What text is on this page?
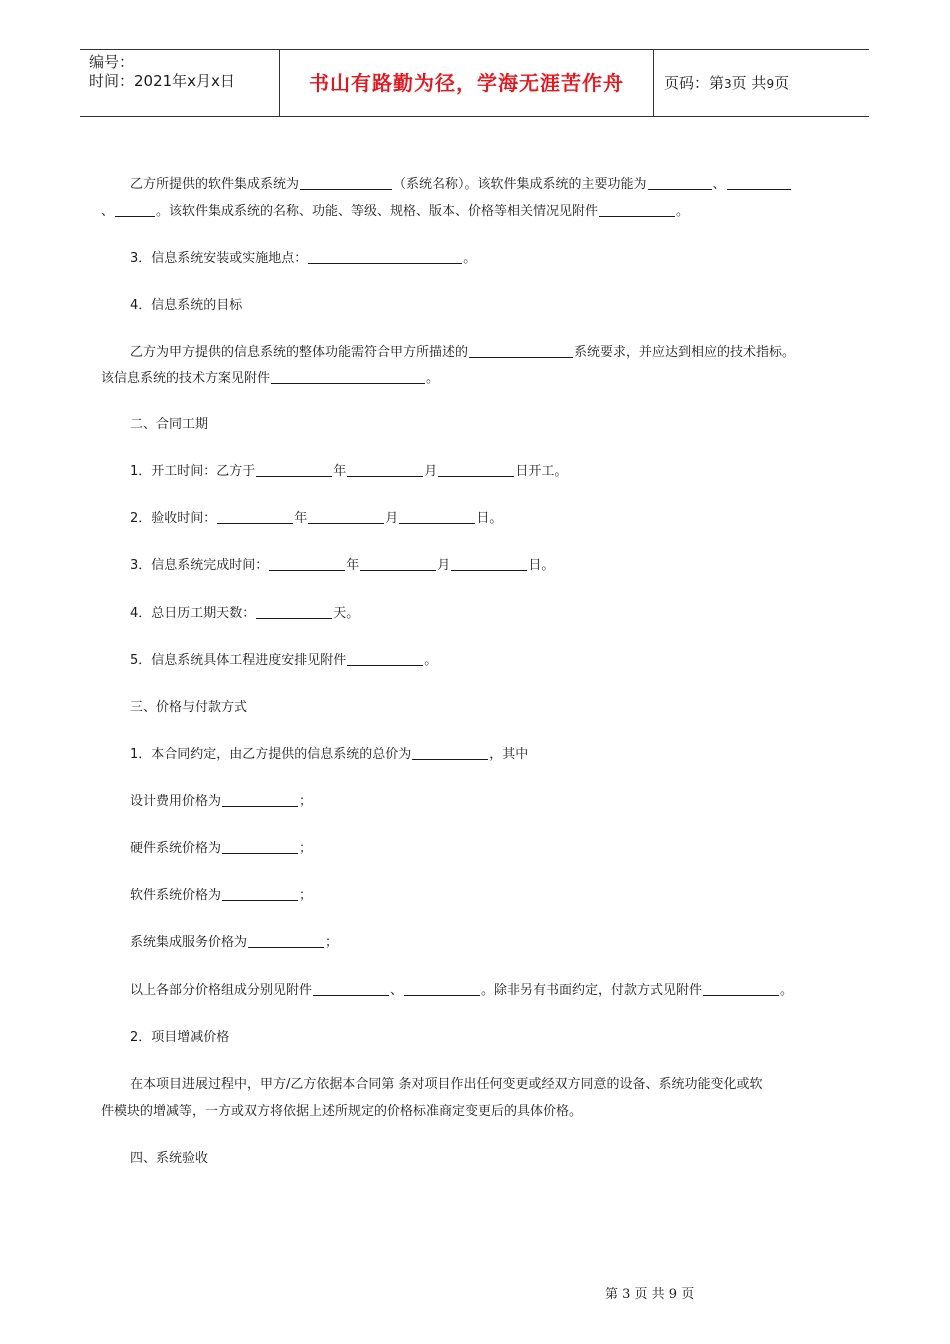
编号：
时间：2021年x月x日	书山有路勤为径，学海无涯苦作舟	页码：第3页 共9页
乙方所提供的软件集成系统为	（系统名称）。该软件集成系统的主要功能为	、
、	。该软件集成系统的名称、功能、等级、规格、版本、价格等相关情况见附件	。
3．信息系统安装或实施地点：	。
4．信息系统的目标
乙方为甲方提供的信息系统的整体功能需符合甲方所描述的	系统要求，并应达到相应的技术指标。
该信息系统的技术方案见附件	。
二、合同工期
1．开工时间：乙方于	年	月	日开工。
2．验收时间：	年	月	日。
3．信息系统完成时间：	年	月	日。
4．总日历工期天数：	天。
5．信息系统具体工程进度安排见附件	。
三、价格与付款方式
1．本合同约定，由乙方提供的信息系统的总价为	，其中
设计费用价格为	；
硬件系统价格为	；
软件系统价格为	；
系统集成服务价格为	；
以上各部分价格组成分别见附件	、	。除非另有书面约定，付款方式见附件	。
2．项目增减价格
在本项目进展过程中，甲方/乙方依据本合同第 条对项目作出任何变更或经双方同意的设备、系统功能变化或软
件模块的增减等，一方或双方将依据上述所规定的价格标准商定变更后的具体价格。
四、系统验收
第 3 页 共 9 页
